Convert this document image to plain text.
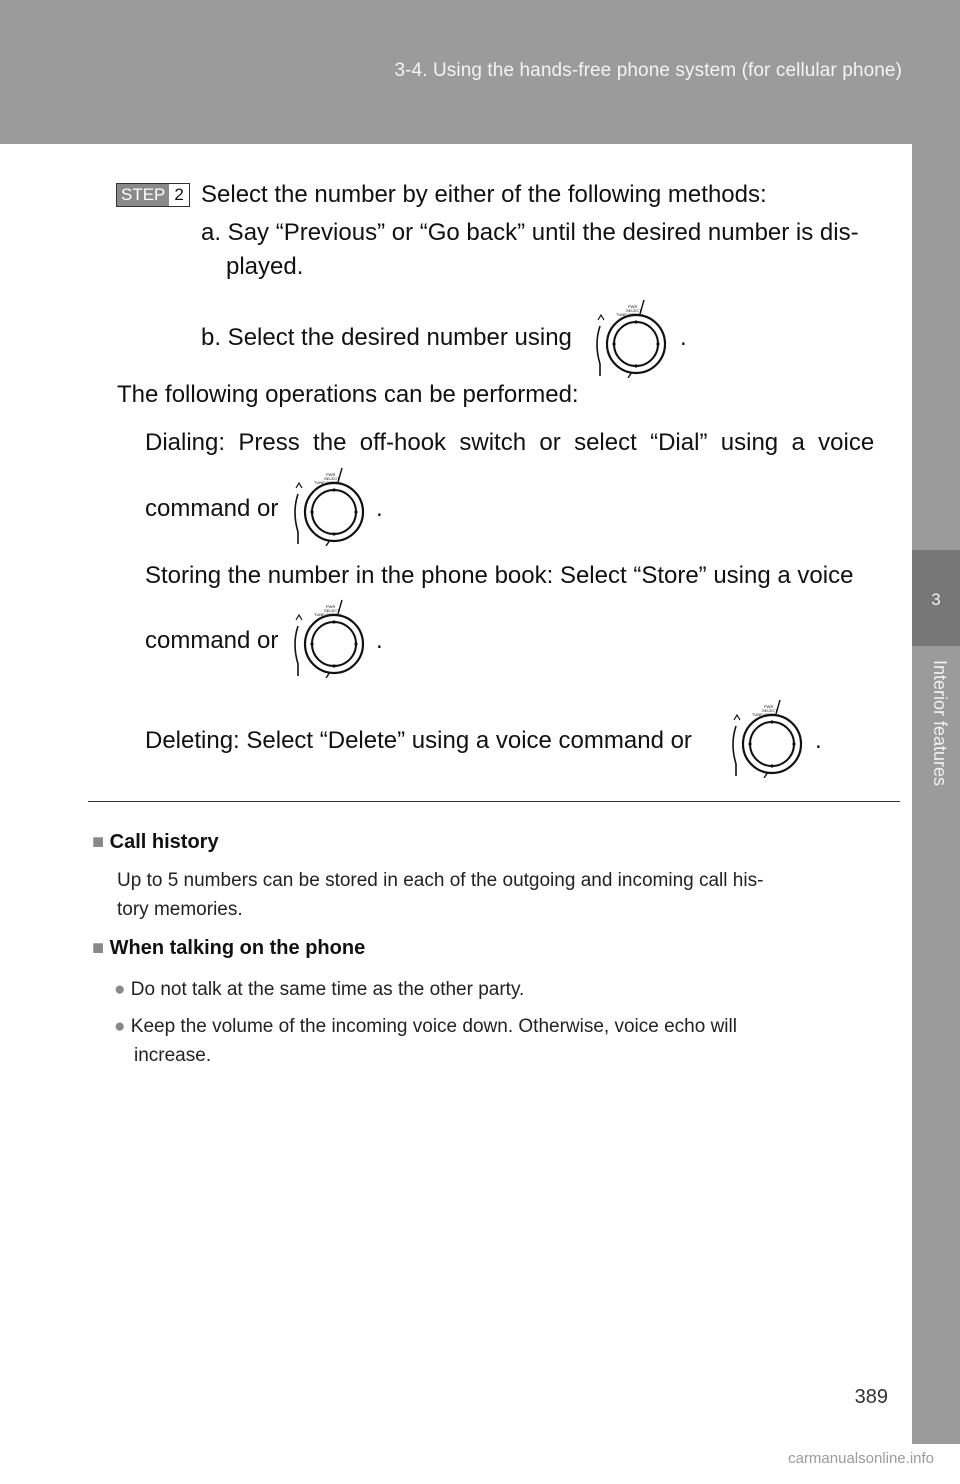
3-4. Using the hands-free phone system (for cellular phone)
3
Interior features
STEP 2 Select the number by either of the following methods:
a. Say “Previous” or “Go back” until the desired number is dis-
played.
b. Select the desired number using
PWR
SELECT
TUNE·SCROLL
.
The following operations can be performed:
Dialing:  Press  the  off-hook  switch  or  select  “Dial”  using  a  voice
command or
PWR
SELECT
TUNE·SCROLL
.
Storing the number in the phone book: Select “Store” using a voice
command or
PWR
SELECT
TUNE·SCROLL
.
Deleting: Select “Delete” using a voice command or
PWR
SELECT
TUNE·SCROLL
.
■ Call history
Up to 5 numbers can be stored in each of the outgoing and incoming call his-
tory memories.
■ When talking on the phone
● Do not talk at the same time as the other party.
● Keep the volume of the incoming voice down. Otherwise, voice echo will
increase.
389
carmanualsonline.info
